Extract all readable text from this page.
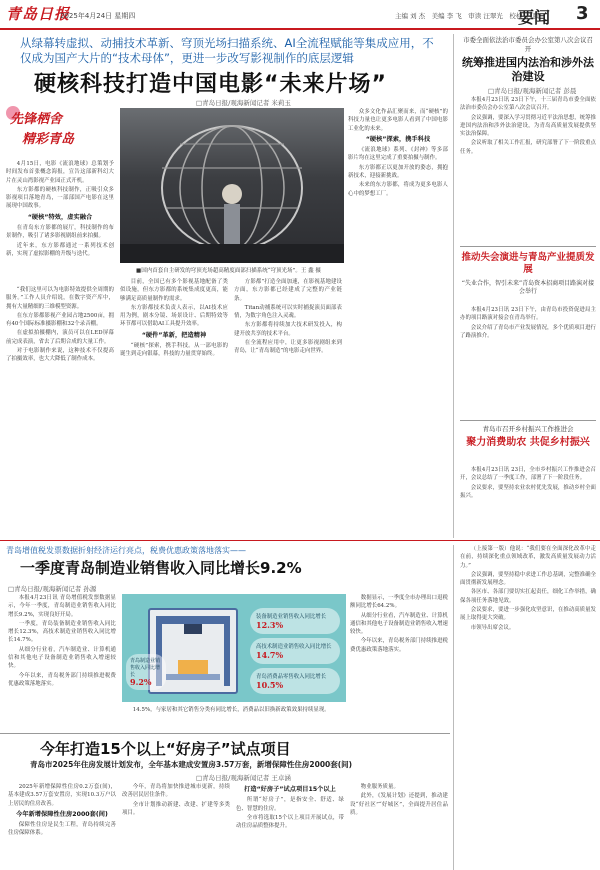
青岛日报
2025年4月24日 星期四	主编 刘 杰　美编 李 飞　审读 汪翠光　校检 王 腾
要闻 3
从绿幕转虚拟、动捕技术革新、穹顶光场扫描系统、AI全流程赋能等集成应用，不仅成为国产大片的“技术母体”，更进一步改写影视制作的底层逻辑
硬核科技打造中国电影“未来片场”
□青岛日报/观海新闻记者 米莉玉
先锋栖舍
精彩青岛
■国内首套自主研发的穹顶光场超高精度面部扫描系统“穹顶光场”。王 鑫 摄

4月15日，电影《流浪地球》总策划予时间发布首张概念海报，宣告这部新科幻大片在灵山湾影视产业园正式开机。

东方影都的硬核科技制作，正吸引众多影视项目落地青岛，一部部国产电影在这里展现中国故事。

“硬核”特效，虚实融合

在青岛东方影都的展厅，科技制作的布景制作，吸引了诸多影视剧组前来拍摄。

近年来，东方影都通过一系列技术创新，实现了虚拟影棚的升级与迭代。

“我们这里可以为电影特效提供全周期的服务。”工作人员介绍说，在数字资产库中，拥有大量精细的三维模型资源。

在东方影都影视产业园占地2500亩，拥有40个国际标准摄影棚和32个录音棚。

在虚拟拍摄棚内，演员可以在LED屏幕前完成表演，省去了后期合成的大量工作。

对于电影制作来说，这种技术不仅提高了拍摄效率，也大大降低了制作成本。

目前，全国已有多个影视基地配备了类似设施，但东方影都的系统集成度更高，能够满足高质量制作的需求。

东方影都技术负责人表示，以AI技术应用为例，剧本分镜、场景设计、后期特效等环节都可以借助AI工具提升效率。

“硬件”革新，把造精神

“硬核”探索，携手科技。从一部电影的诞生到走向银幕，科技的力量贯穿始终。

方影都”打造全面加速，在影视基地建设方面，东方影都已经建成了完整的产业链条。

Titan动捕系统可以实时捕捉演员面部表情，为数字角色注入灵魂。

东方影都将持续加大技术研发投入，构建开放共享的技术平台。

在全流程应用中，让更多影视剧组来到青岛，让“青岛制造”的电影走向世界。

众多文化作品汇聚而来，而“硬核”的科技力量也让更多电影人看到了中国电影工业化的未来。

“硬核”探索，携手科技

《流浪地球》系列、《封神》等多部影片均在这里完成了重要拍摄与制作。

东方影都正以更加开放的姿态，拥抱新技术，迎接新挑战。

未来的东方影都，将成为更多电影人心中的梦想工厂。

市委全面依法治市委员会办公室第八次会议召开
统筹推进国内法治和涉外法治建设
□青岛日报/观海新闻记者 彭晨

本报4月23日讯 23日下午，十三届青岛市委全面依法治市委员会办公室第八次会议召开。

会议强调，要深入学习贯彻习近平法治思想，统筹推进国内法治和涉外法治建设，为青岛高质量发展提供坚实法治保障。

会议听取了相关工作汇报，研究部署了下一阶段重点任务。

推动失会演进与青岛产业提质发展
“失业合作，智引未来”青岛资本招商项目路演对接会举行

本报4月23日讯 23日下午，由青岛市投资促进局主办的项目路演对接会在青岛举行。

会议介绍了青岛市产业发展情况，多个优质项目进行了路演推介。

青岛市召开乡村振兴工作推进会
聚力消费助农 共促乡村振兴

本报4月23日讯 23日，全市乡村振兴工作推进会召开，会议总结了一季度工作，部署了下一阶段任务。

会议要求，要坚持农业农村优先发展，推动乡村全面振兴。

青岛增值税发票数据折射经济运行亮点，税费优惠政策落地落实——
一季度青岛制造业销售收入同比增长9.2%
□青岛日报/观海新闻记者 孙源

本报4月23日讯 青岛增值税发票数据显示，今年一季度，青岛制造业销售收入同比增长9.2%，实现良好开局。

一季度，青岛装备制造业销售收入同比增长12.3%，高技术制造业销售收入同比增长14.7%。

从细分行业看，汽车制造业、计算机通信和其他电子设备制造业销售收入增速较快。

今年以来，青岛税务部门持续推进税费优惠政策落地落实。

青岛制造业销售收入同比增长
9.2%
装备制造业销售收入同比增长
12.3%
高技术制造业销售收入同比增长
14.7%
青岛消费品零售收入同比增长
10.5%

14.5%，与家居和其它销售分类有同比增长，消费品以旧换新政策效果持续显现。

数据显示，一季度全市办理出口退税额同比增长64.2%。

从细分行业看，汽车制造业、计算机通信和其他电子设备制造业销售收入增速较快。

今年以来，青岛税务部门持续推进税费优惠政策落地落实。

（上接第一版）他说：“我们要在全面深化改革中走在前，持续深化重点领域改革，激发高质量发展动力活力。”

会议强调，要坚持稳中求进工作总基调，完整准确全面贯彻新发展理念。

各区市、各部门要切实扛起责任，细化工作举措，确保各项任务落地见效。

会议要求，要进一步强化攻坚意识，在推动高质量发展上取得更大突破。

市领导出席会议。

今年打造15个以上“好房子”试点项目
青岛市2025年住房发展计划发布，全年基本建成安置房3.57万套，新增保障性住房2000套(间)
□青岛日报/观海新闻记者 王卓涵

2025年新增保障性住房0.2万套(间)，基本建成3.57万套安置房，实现10.3万户以上居民的住房改善。

今年新增保障性住房2000套(间)

保障性住房是民生工程，青岛持续完善住房保障体系。

今年，青岛将加快推进城市更新，持续改善居民居住条件。

全市计划推动新建、改建、扩建等多类项目。

打造“好房子”试点项目15个以上

所谓“好房子”，是指安全、舒适、绿色、智慧的住房。

全市将选取15个以上项目开展试点，带动住房品质整体提升。

物业服务质量。

此外，《发展计划》还提到，推动建设“好社区”“好城区”，全面提升居住品质。
